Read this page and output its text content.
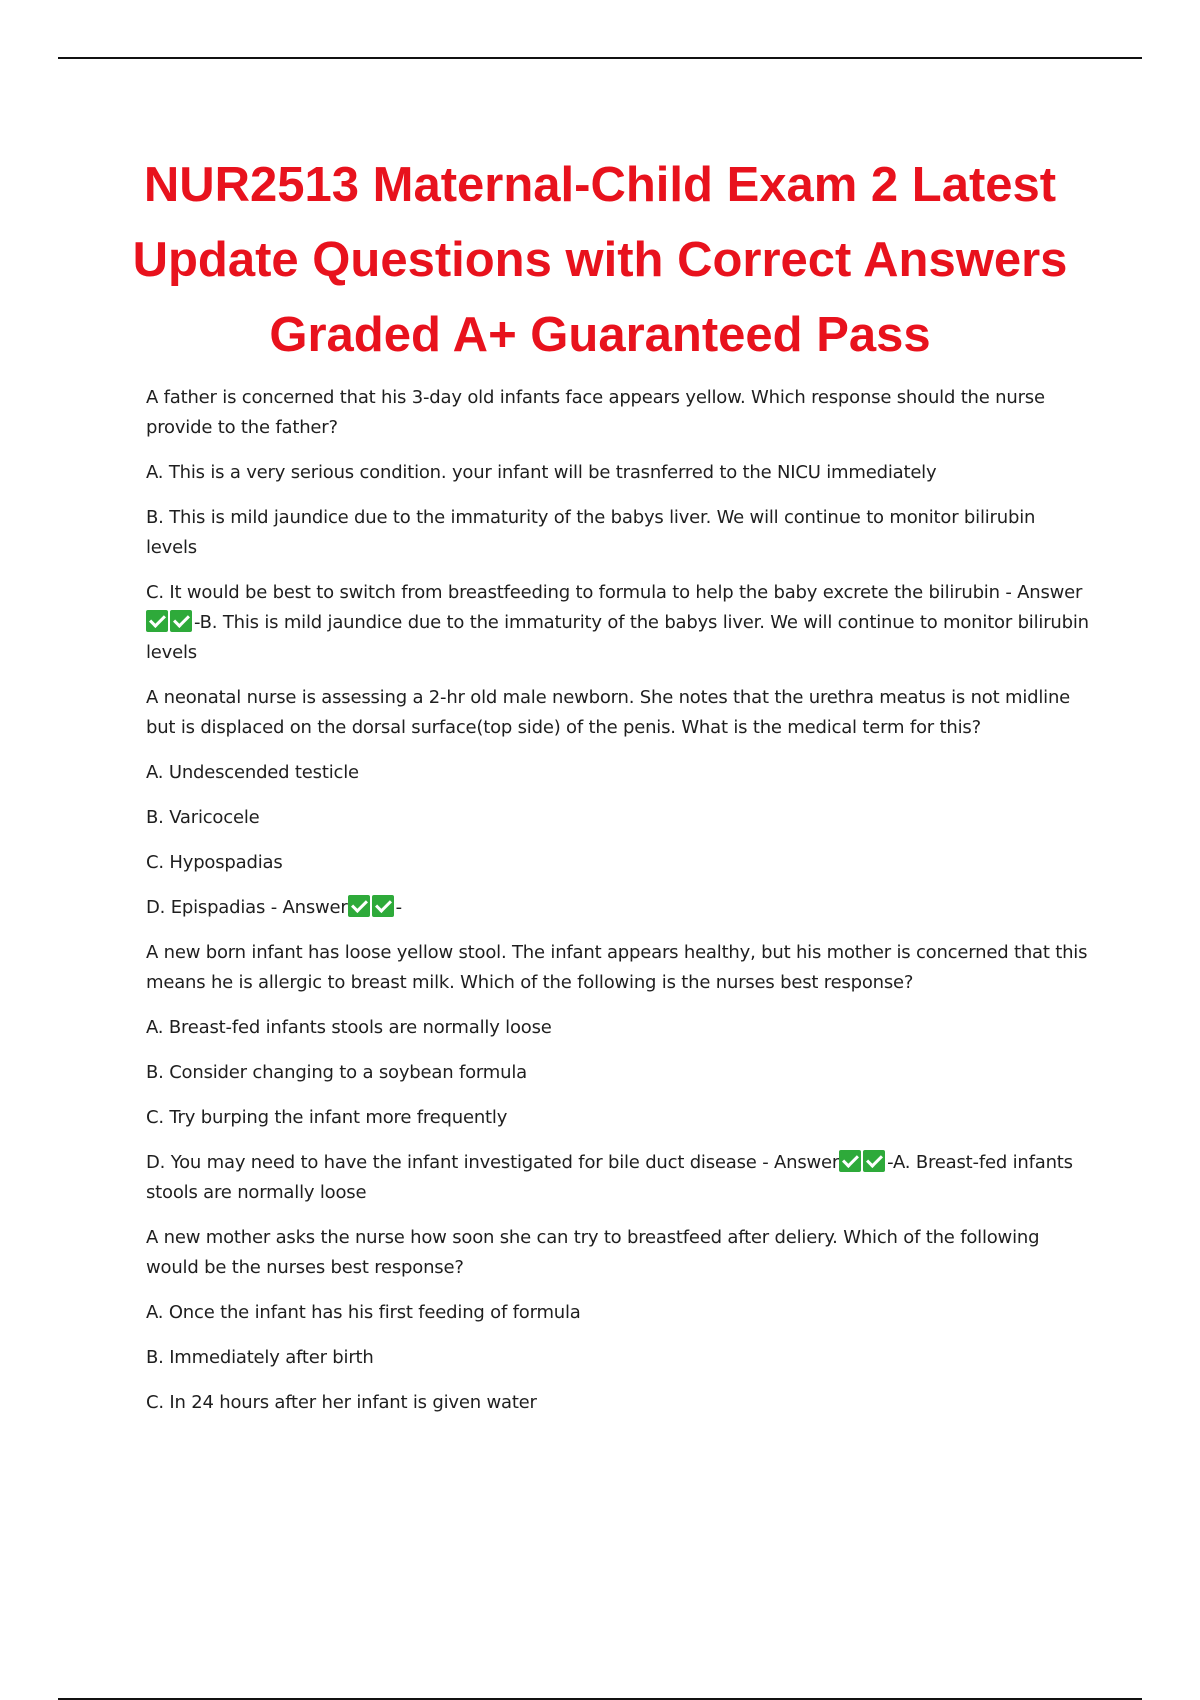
NUR2513 Maternal-Child Exam 2 Latest Update Questions with Correct Answers Graded A+ Guaranteed Pass

A father is concerned that his 3-day old infants face appears yellow. Which response should the nurse provide to the father?

A. This is a very serious condition. your infant will be trasnferred to the NICU immediately

B. This is mild jaundice due to the immaturity of the babys liver. We will continue to monitor bilirubin levels

C. It would be best to switch from breastfeeding to formula to help the baby excrete the bilirubin - Answer-B. This is mild jaundice due to the immaturity of the babys liver. We will continue to monitor bilirubin levels

A neonatal nurse is assessing a 2-hr old male newborn. She notes that the urethra meatus is not midline but is displaced on the dorsal surface(top side) of the penis. What is the medical term for this?

A. Undescended testicle

B. Varicocele

C. Hypospadias

D. Epispadias - Answer	-

A new born infant has loose yellow stool. The infant appears healthy, but his mother is concerned that this means he is allergic to breast milk. Which of the following is the nurses best response?

A. Breast-fed infants stools are normally loose

B. Consider changing to a soybean formula

C. Try burping the infant more frequently

D. You may need to have the infant investigated for bile duct disease - Answer	-A. Breast-fed infants stools are normally loose

A new mother asks the nurse how soon she can try to breastfeed after deliery. Which of the following would be the nurses best response?

A. Once the infant has his first feeding of formula

B. Immediately after birth

C. In 24 hours after her infant is given water
